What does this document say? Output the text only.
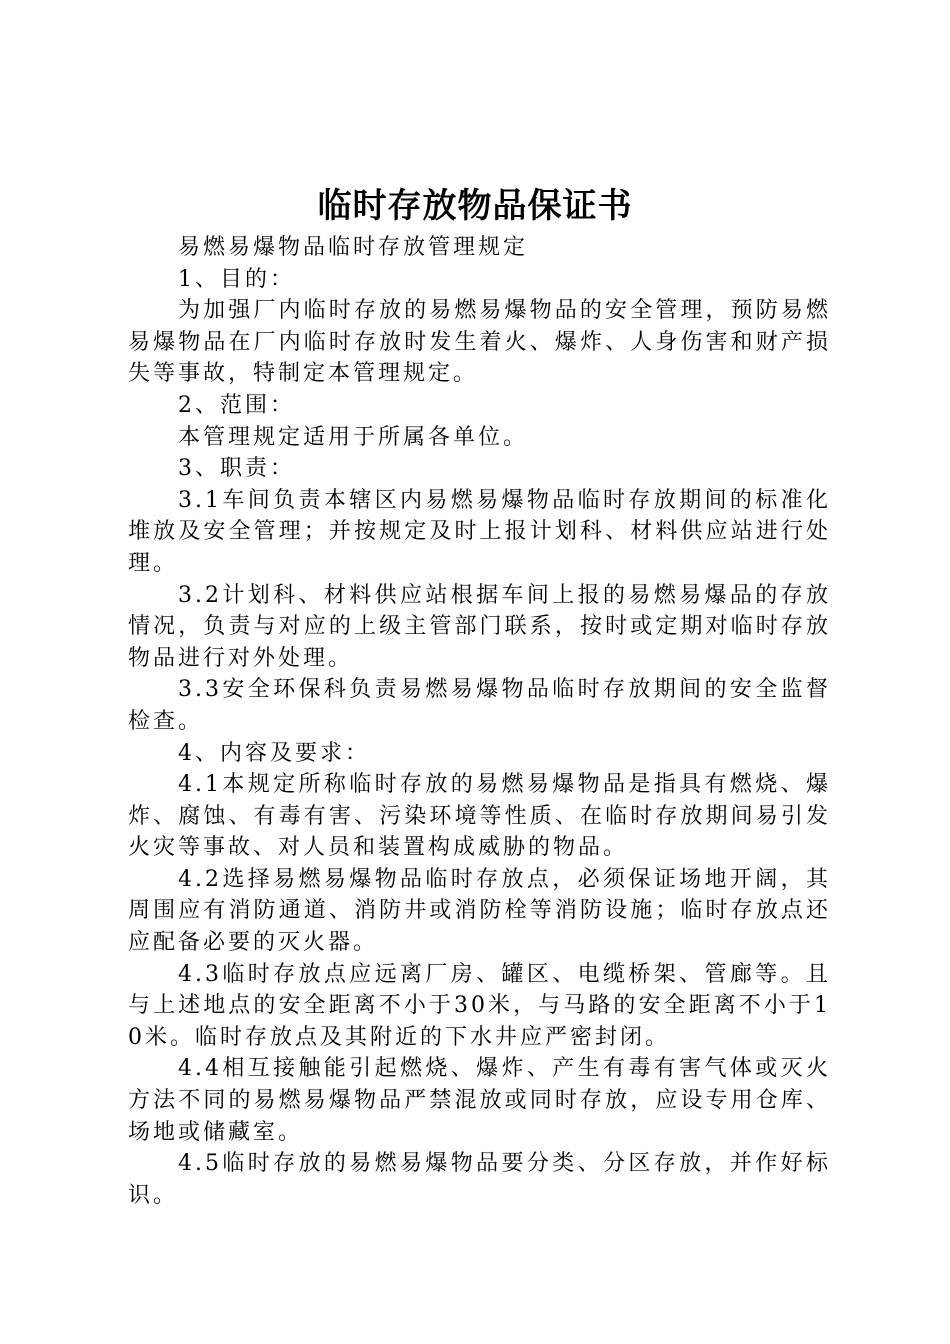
临时存放物品保证书

易燃易爆物品临时存放管理规定

1、目的：

为加强厂内临时存放的易燃易爆物品的安全管理，预防易燃易爆物品在厂内临时存放时发生着火、爆炸、人身伤害和财产损失等事故，特制定本管理规定。

2、范围：

本管理规定适用于所属各单位。

3、职责：

3.1车间负责本辖区内易燃易爆物品临时存放期间的标准化堆放及安全管理；并按规定及时上报计划科、材料供应站进行处理。

3.2计划科、材料供应站根据车间上报的易燃易爆品的存放情况，负责与对应的上级主管部门联系，按时或定期对临时存放物品进行对外处理。

3.3安全环保科负责易燃易爆物品临时存放期间的安全监督检查。

4、内容及要求：

4.1本规定所称临时存放的易燃易爆物品是指具有燃烧、爆炸、腐蚀、有毒有害、污染环境等性质、在临时存放期间易引发火灾等事故、对人员和装置构成威胁的物品。

4.2选择易燃易爆物品临时存放点，必须保证场地开阔，其周围应有消防通道、消防井或消防栓等消防设施；临时存放点还应配备必要的灭火器。

4.3临时存放点应远离厂房、罐区、电缆桥架、管廊等。且与上述地点的安全距离不小于30米，与马路的安全距离不小于10米。临时存放点及其附近的下水井应严密封闭。

4.4相互接触能引起燃烧、爆炸、产生有毒有害气体或灭火方法不同的易燃易爆物品严禁混放或同时存放，应设专用仓库、场地或储藏室。

4.5临时存放的易燃易爆物品要分类、分区存放，并作好标识。
